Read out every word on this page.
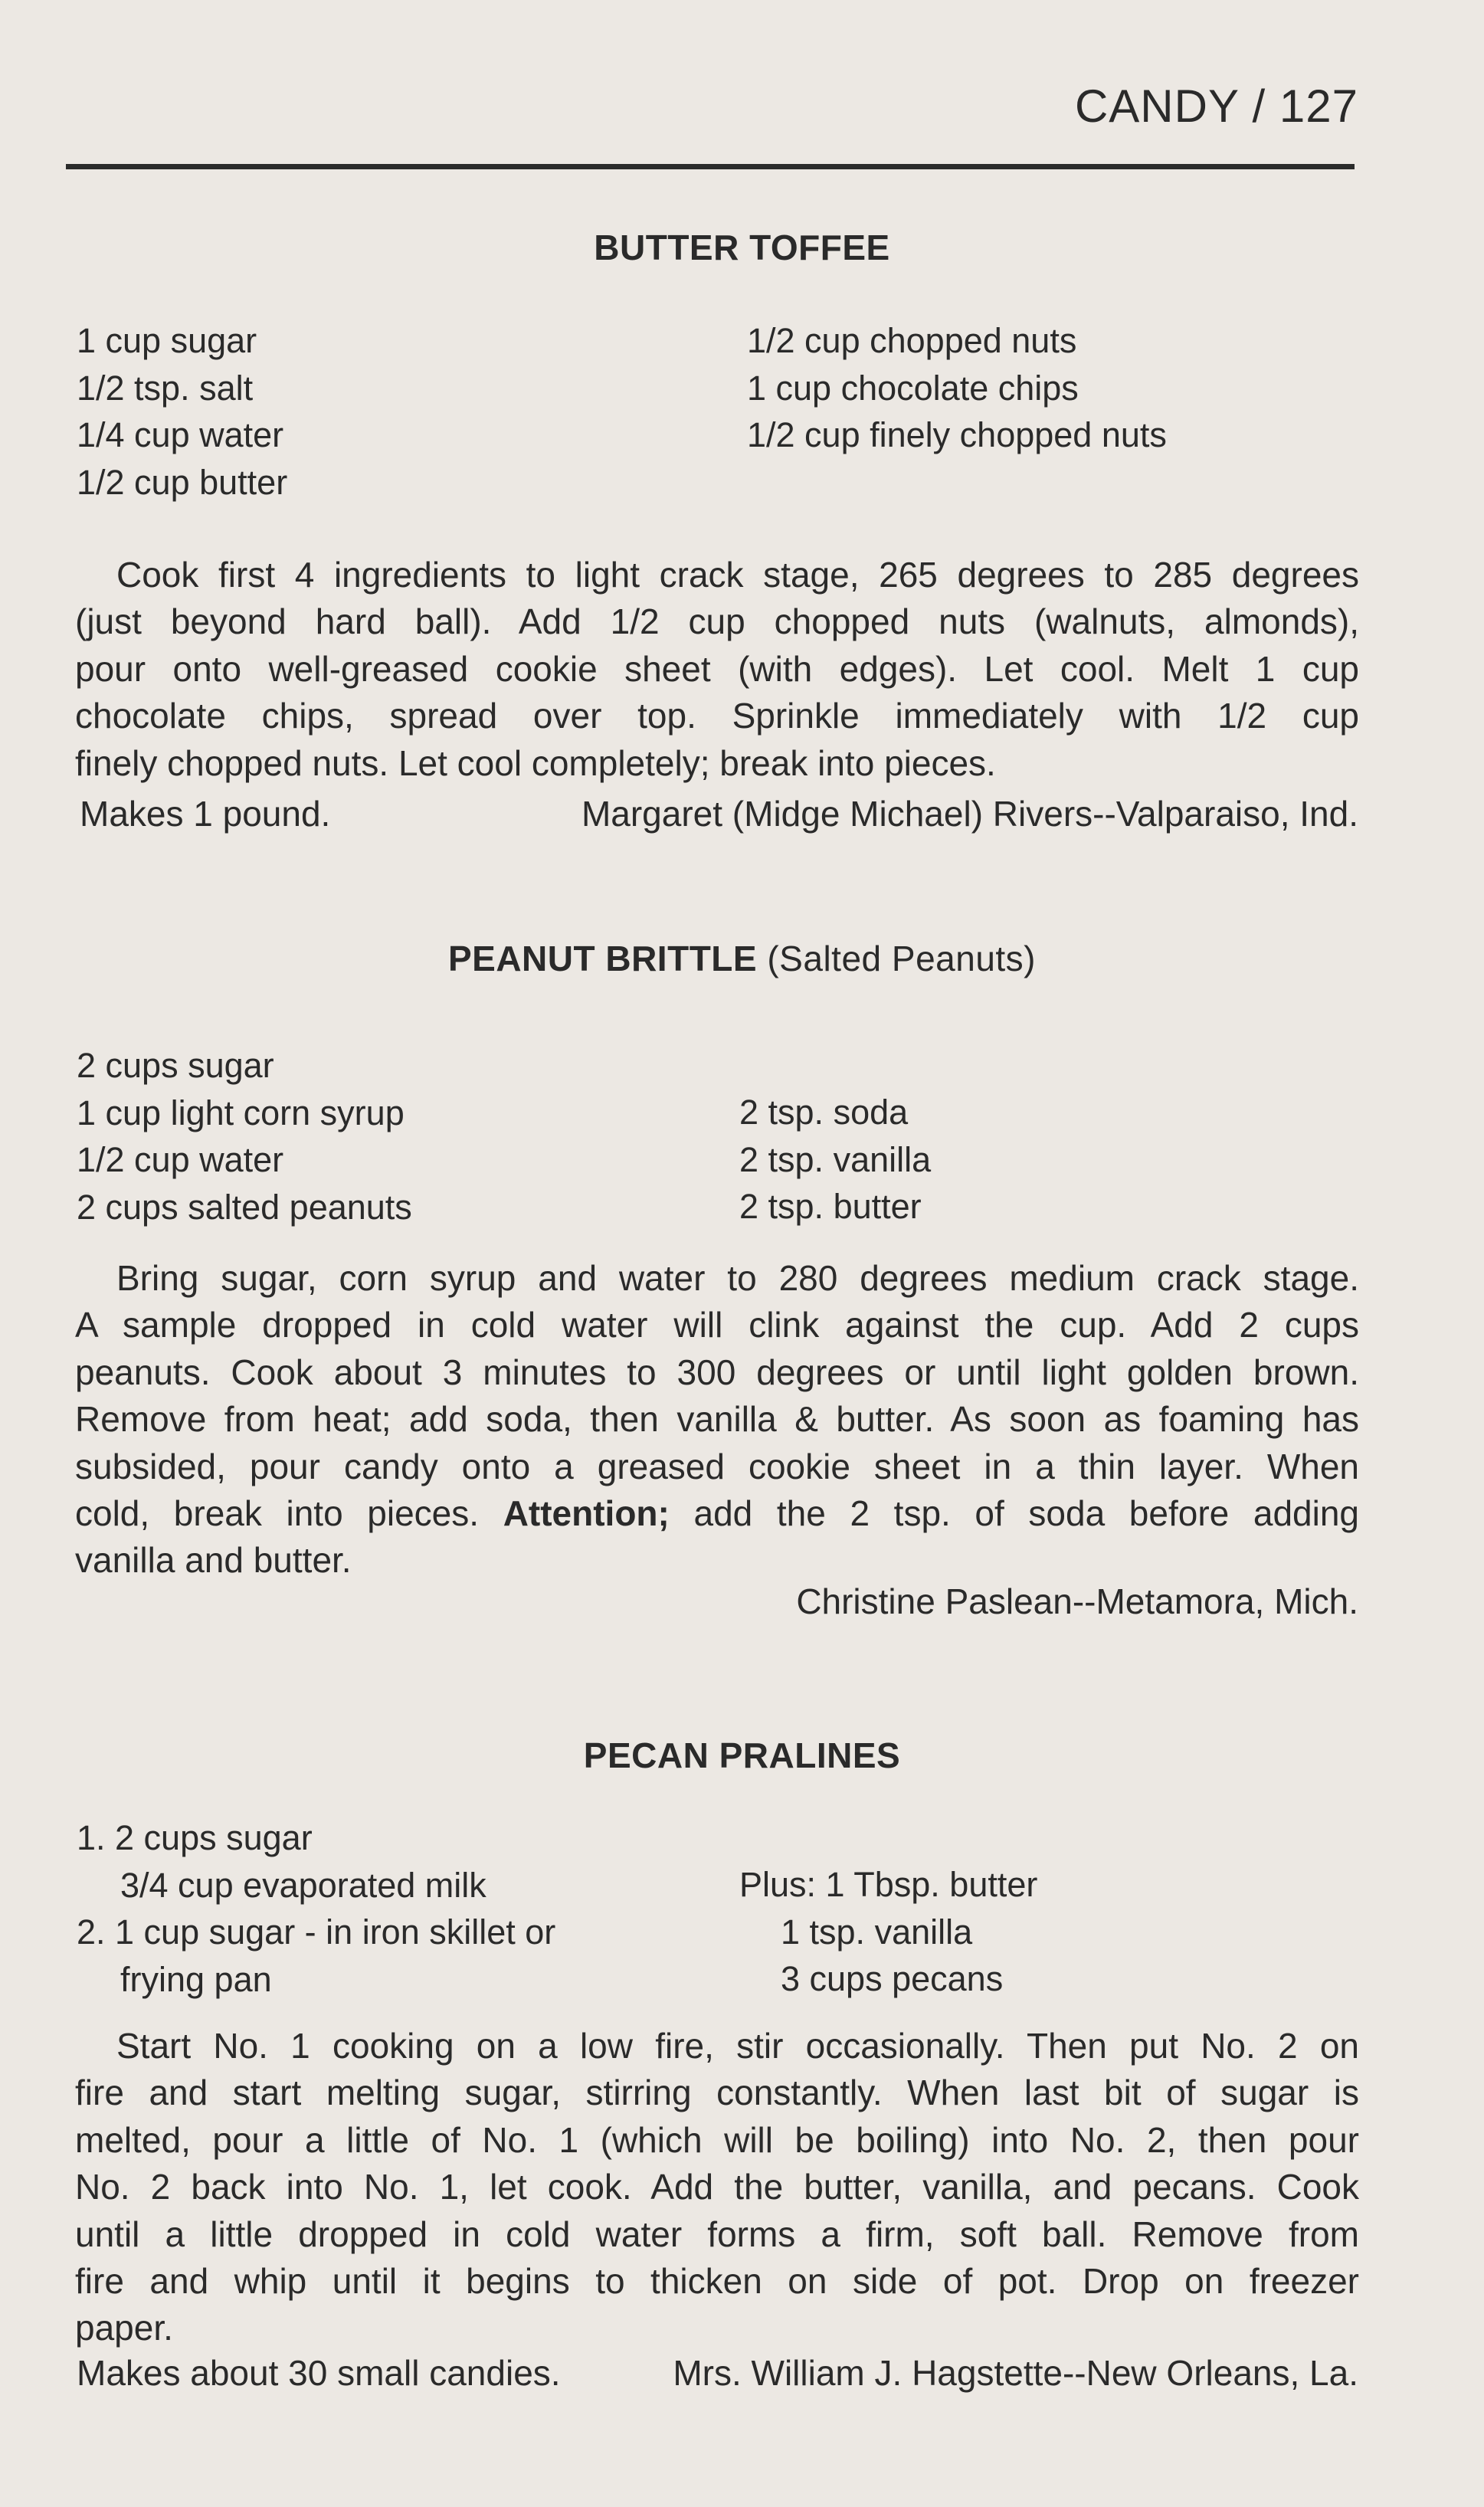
CANDY / 127
BUTTER TOFFEE
1 cup sugar
1/2 tsp. salt
1/4 cup water
1/2 cup butter
1/2 cup chopped nuts
1 cup chocolate chips
1/2 cup finely chopped nuts

Cook first 4 ingredients to light crack stage, 265 degrees to 285 degrees

(just beyond hard ball). Add 1/2 cup chopped nuts (walnuts, almonds),

pour onto well-greased cookie sheet (with edges). Let cool. Melt 1 cup

chocolate chips, spread over top. Sprinkle immediately with 1/2 cup

finely chopped nuts. Let cool completely; break into pieces.

Makes 1 pound.	Margaret (Midge Michael) Rivers--Valparaiso, Ind.
PEANUT BRITTLE (Salted Peanuts)
2 cups sugar
1 cup light corn syrup
1/2 cup water
2 cups salted peanuts
2 tsp. soda
2 tsp. vanilla
2 tsp. butter

Bring sugar, corn syrup and water to 280 degrees medium crack stage.

A sample dropped in cold water will clink against the cup. Add 2 cups

peanuts. Cook about 3 minutes to 300 degrees or until light golden brown.

Remove from heat; add soda, then vanilla & butter. As soon as foaming has

subsided, pour candy onto a greased cookie sheet in a thin layer. When

cold, break into pieces. Attention; add the 2 tsp. of soda before adding

vanilla and butter.

Christine Paslean--Metamora, Mich.
PECAN PRALINES
1. 2 cups sugar
3/4 cup evaporated milk
2. 1 cup sugar - in iron skillet or
frying pan
Plus: 1 Tbsp. butter
1 tsp. vanilla
3 cups pecans

Start No. 1 cooking on a low fire, stir occasionally. Then put No. 2 on

fire and start melting sugar, stirring constantly. When last bit of sugar is

melted, pour a little of No. 1 (which will be boiling) into No. 2, then pour

No. 2 back into No. 1, let cook. Add the butter, vanilla, and pecans. Cook

until a little dropped in cold water forms a firm, soft ball. Remove from

fire and whip until it begins to thicken on side of pot. Drop on freezer

paper.

Makes about 30 small candies.	Mrs. William J. Hagstette--New Orleans, La.
